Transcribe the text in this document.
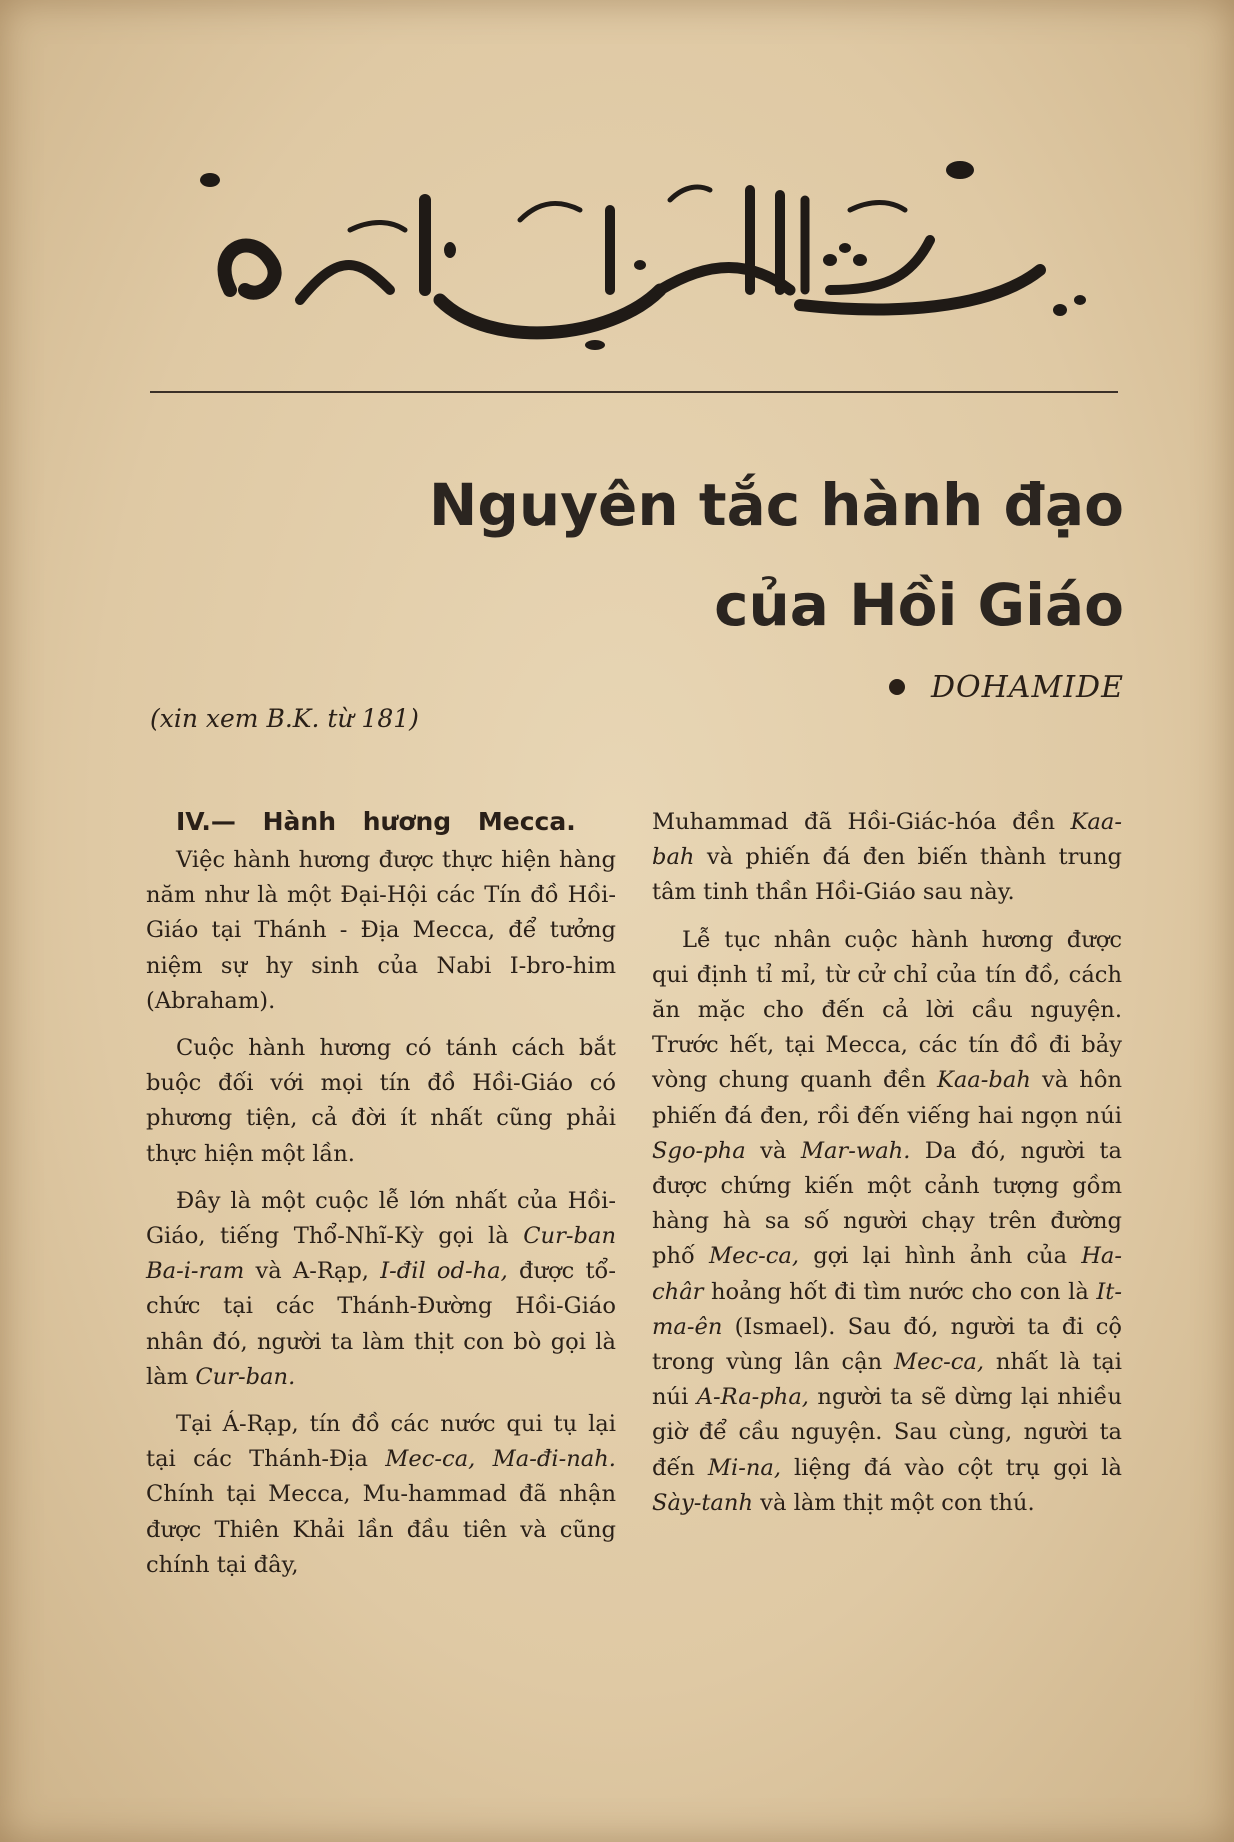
Nguyên tắc hành đạo
của Hồi Giáo
DOHAMIDE
(xin xem B.K. từ 181)
IV.— Hành hương Mecca.

Việc hành hương được thực hiện hàng năm như là một Đại-Hội các Tín đồ Hồi-Giáo tại Thánh - Địa Mecca, để tưởng niệm sự hy sinh của Nabi I-bro-him (Abraham).

Cuộc hành hương có tánh cách bắt buộc đối với mọi tín đồ Hồi-Giáo có phương tiện, cả đời ít nhất cũng phải thực hiện một lần.

Đây là một cuộc lễ lớn nhất của Hồi-Giáo, tiếng Thổ-Nhĩ-Kỳ gọi là Cur-ban Ba-i-ram và A-Rạp, I-đil od-ha, được tổ-chức tại các Thánh-Đường Hồi-Giáo nhân đó, người ta làm thịt con bò gọi là làm Cur-ban.

Tại Á-Rạp, tín đồ các nước qui tụ lại tại các Thánh-Địa Mec-ca, Ma-đi-nah. Chính tại Mecca, Mu-hammad đã nhận được Thiên Khải lần đầu tiên và cũng chính tại đây,

Muhammad đã Hồi-Giác-hóa đền Kaa-bah và phiến đá đen biến thành trung tâm tinh thần Hồi-Giáo sau này.

Lễ tục nhân cuộc hành hương được qui định tỉ mỉ, từ cử chỉ của tín đồ, cách ăn mặc cho đến cả lời cầu nguyện. Trước hết, tại Mecca, các tín đồ đi bảy vòng chung quanh đền Kaa-bah và hôn phiến đá đen, rồi đến viếng hai ngọn núi Sgo-pha và Mar-wah. Da đó, người ta được chứng kiến một cảnh tượng gồm hàng hà sa số người chạy trên đường phố Mec-ca, gợi lại hình ảnh của Ha-châr hoảng hốt đi tìm nước cho con là It-ma-ên (Ismael). Sau đó, người ta đi cộ trong vùng lân cận Mec-ca, nhất là tại núi A-Ra-pha, người ta sẽ dừng lại nhiều giờ để cầu nguyện. Sau cùng, người ta đến Mi-na, liệng đá vào cột trụ gọi là Sày-tanh và làm thịt một con thú.
